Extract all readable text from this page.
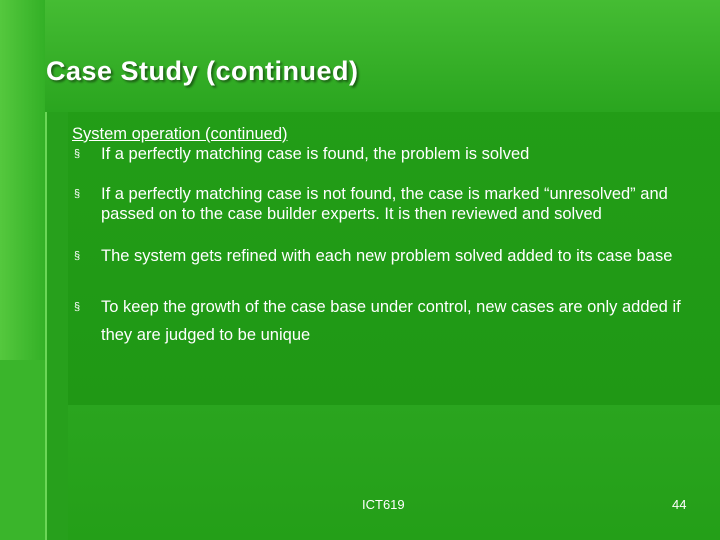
Case Study (continued)

System operation (continued)

§ If a perfectly matching case is found, the problem is solved

§ If a perfectly matching case is not found, the case is marked “unresolved” and passed on to the case builder experts. It is then reviewed and solved

§ The system gets refined with each new problem solved added to its case base

§ To keep the growth of the case base under control, new cases are only added if they are judged to be unique

ICT619	44
